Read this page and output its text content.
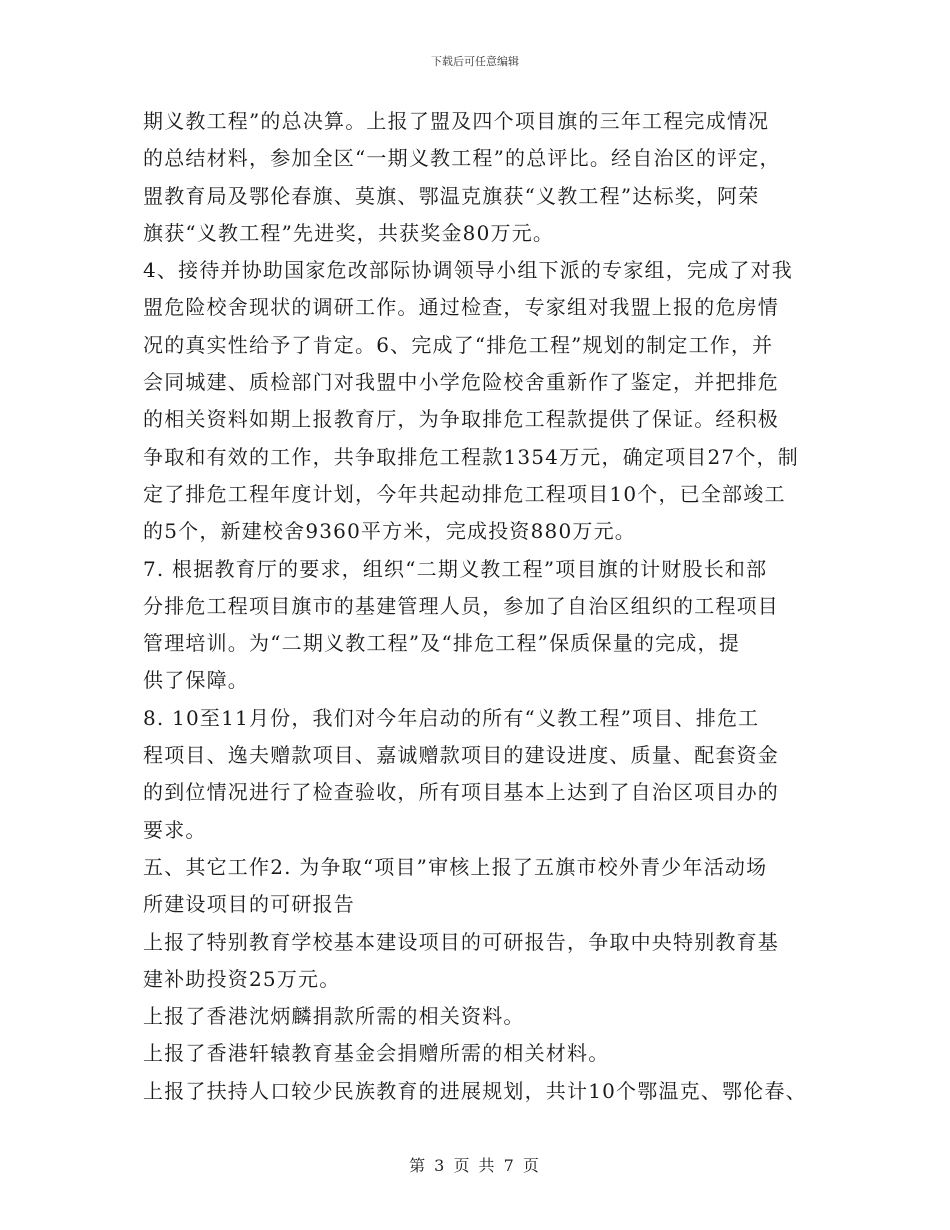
下载后可任意编辑
期义教工程”的总决算。上报了盟及四个项目旗的三年工程完成情况
的总结材料，参加全区“一期义教工程”的总评比。经自治区的评定，
盟教育局及鄂伦春旗、莫旗、鄂温克旗获“义教工程”达标奖，阿荣
旗获“义教工程”先进奖，共获奖金80万元。
4、接待并协助国家危改部际协调领导小组下派的专家组，完成了对我
盟危险校舍现状的调研工作。通过检查，专家组对我盟上报的危房情
况的真实性给予了肯定。6、完成了“排危工程”规划的制定工作，并
会同城建、质检部门对我盟中小学危险校舍重新作了鉴定，并把排危
的相关资料如期上报教育厅，为争取排危工程款提供了保证。经积极
争取和有效的工作，共争取排危工程款1354万元，确定项目27个，制
定了排危工程年度计划，今年共起动排危工程项目10个，已全部竣工
的5个，新建校舍9360平方米，完成投资880万元。
7. 根据教育厅的要求，组织“二期义教工程”项目旗的计财股长和部
分排危工程项目旗市的基建管理人员，参加了自治区组织的工程项目
管理培训。为“二期义教工程”及“排危工程”保质保量的完成，提
供了保障。
8. 10至11月份，我们对今年启动的所有“义教工程”项目、排危工
程项目、逸夫赠款项目、嘉诚赠款项目的建设进度、质量、配套资金
的到位情况进行了检查验收，所有项目基本上达到了自治区项目办的
要求。
五、其它工作2. 为争取“项目”审核上报了五旗市校外青少年活动场
所建设项目的可研报告
上报了特别教育学校基本建设项目的可研报告，争取中央特别教育基
建补助投资25万元。
上报了香港沈炳麟捐款所需的相关资料。
上报了香港轩辕教育基金会捐赠所需的相关材料。
上报了扶持人口较少民族教育的进展规划，共计10个鄂温克、鄂伦春、
第 3 页 共 7 页
